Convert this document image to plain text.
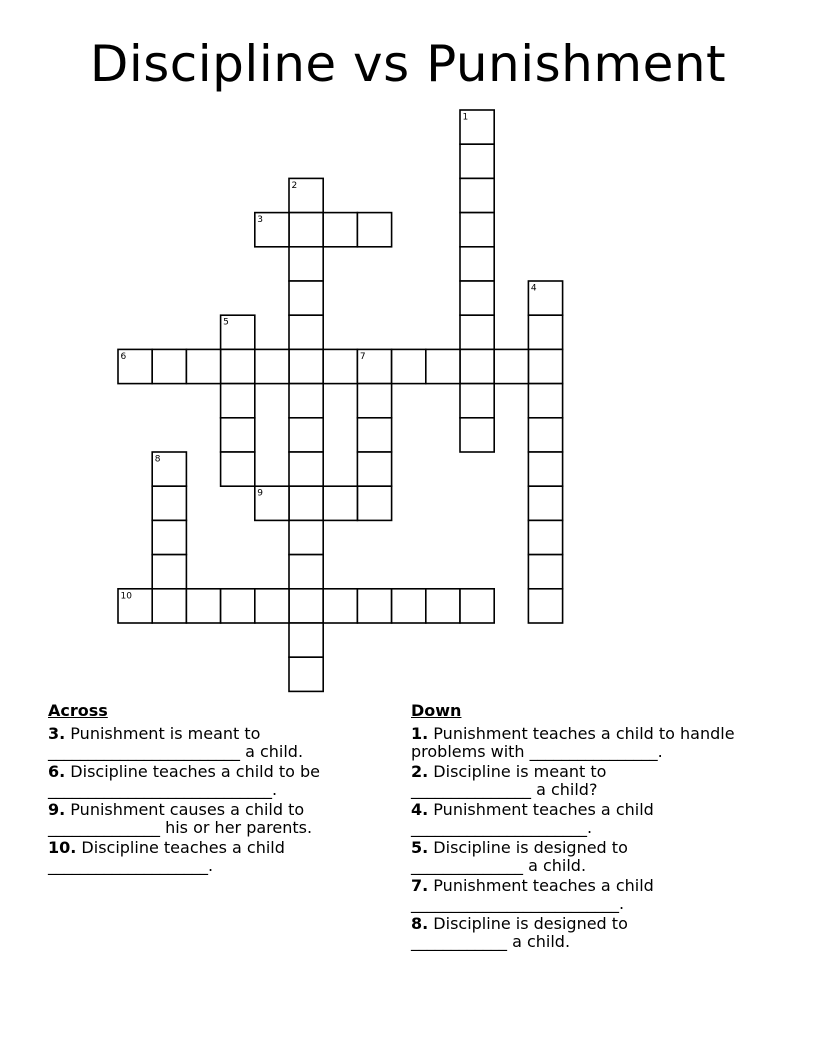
Discipline vs Punishment
1
2
3
4
5
6	7
8
9
10
Across
3. Punishment is meant to
________________________ a child.
6. Discipline teaches a child to be
____________________________.
9. Punishment causes a child to
______________ his or her parents.
10. Discipline teaches a child
____________________.
Down
1. Punishment teaches a child to handle
problems with ________________.
2. Discipline is meant to
_______________ a child?
4. Punishment teaches a child
______________________.
5. Discipline is designed to
______________ a child.
7. Punishment teaches a child
__________________________.
8. Discipline is designed to
____________ a child.
